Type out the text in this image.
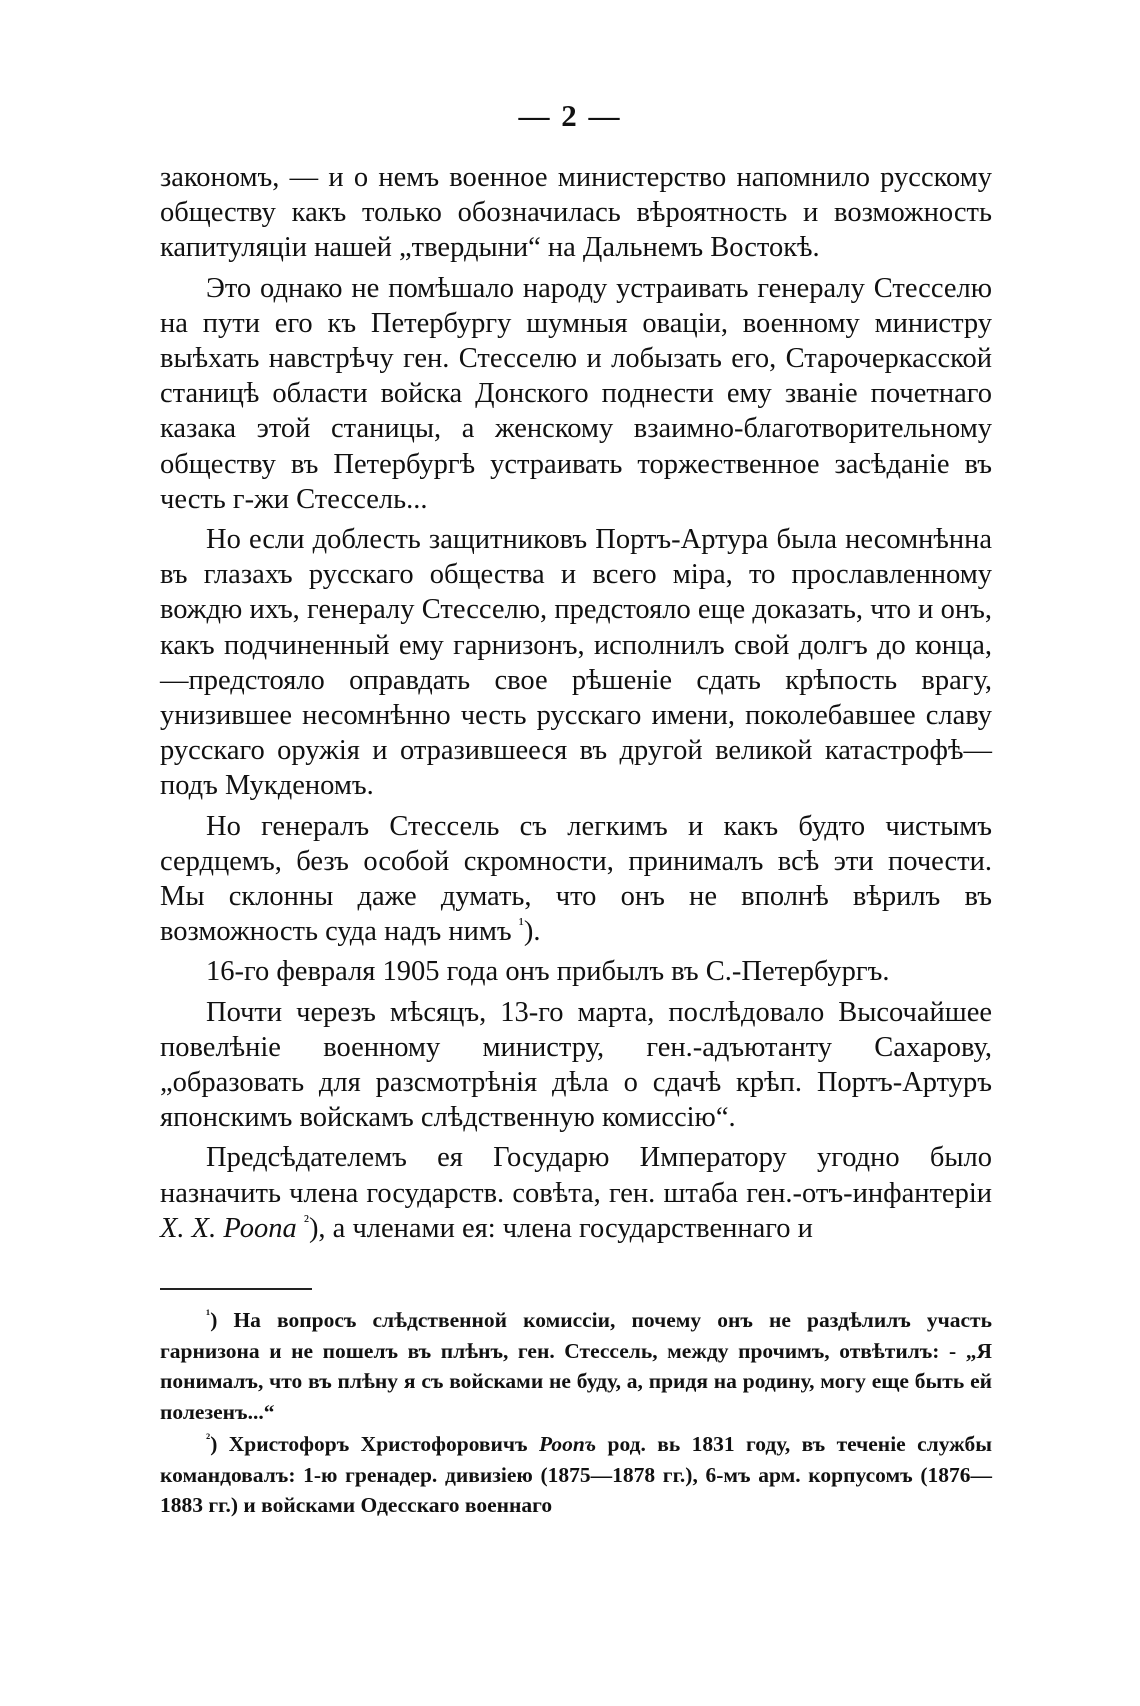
— 2 —

закономъ, — и о немъ военное министерство напомнило русскому обществу какъ только обозначилась вѣроятность и возможность капитуляціи нашей „твердыни“ на Дальнемъ Востокѣ.

Это однако не помѣшало народу устраивать генералу Стесселю на пути его къ Петербургу шумныя оваціи, военному министру выѣхать навстрѣчу ген. Стесселю и лобызать его, Старочеркасской станицѣ области войска Донского поднести ему званіе почетнаго казака этой станицы, а женскому взаимно-благотворительному обществу въ Петербургѣ устраивать торжественное засѣданіе въ честь г-жи Стессель...

Но если доблесть защитниковъ Портъ-Артура была несомнѣнна въ глазахъ русскаго общества и всего міра, то прославленному вождю ихъ, генералу Стесселю, предстояло еще доказать, что и онъ, какъ подчиненный ему гарнизонъ, исполнилъ свой долгъ до конца,—предстояло оправдать свое рѣшеніе сдать крѣпость врагу, унизившее несомнѣнно честь русскаго имени, поколебавшее славу русскаго оружія и отразившееся въ другой великой катастрофѣ—подъ Мукденомъ.

Но генералъ Стессель съ легкимъ и какъ будто чистымъ сердцемъ, безъ особой скромности, принималъ всѣ эти почести. Мы склонны даже думать, что онъ не вполнѣ вѣрилъ въ возможность суда надъ нимъ $^{^1}$).

16-го февраля 1905 года онъ прибылъ въ С.-Петербургъ.

Почти черезъ мѣсяцъ, 13-го марта, послѣдовало Высочайшее повелѣніе военному министру, ген.-адъютанту Сахарову, „образовать для разсмотрѣнія дѣла о сдачѣ крѣп. Портъ-Артуръ японскимъ войскамъ слѣдственную комиссію“.

Предсѣдателемъ ея Государю Императору угодно было назначить члена государств. совѣта, ген. штаба ген.-отъ-инфантеріи Х. Х. Роопа $^{^2}$), а членами ея: члена государственнаго и

$^{^1}$) На вопросъ слѣдственной комиссіи, почему онъ не раздѣлилъ участь гарнизона и не пошелъ въ плѣнъ, ген. Стессель, между прочимъ, отвѣтилъ: - „Я понималъ, что въ плѣну я съ войсками не буду, а, придя на родину, могу еще быть ей полезенъ...“

$^{^2}$) Христофоръ Христофоровичъ Роопъ род. вь 1831 году, въ теченіе службы командовалъ: 1-ю гренадер. дивизіею (1875—1878 гг.), 6-мъ арм. корпусомъ (1876—1883 гг.) и войсками Одесскаго военнаго
